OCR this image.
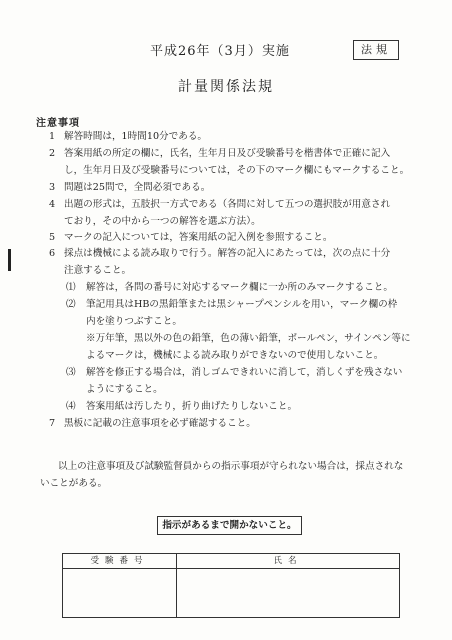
平成26年（3月）実施	法規
計量関係法規
注意事項
1 解答時間は，1時間10分である。
2 答案用紙の所定の欄に，氏名，生年月日及び受験番号を楷書体で正確に記入
し，生年月日及び受験番号については，その下のマーク欄にもマークすること。
3 問題は25問で，全問必須である。
4 出題の形式は，五肢択一方式である（各問に対して五つの選択肢が用意され
ており，その中から一つの解答を選ぶ方法）。
5 マークの記入については，答案用紙の記入例を参照すること。
6 採点は機械による読み取りで行う。解答の記入にあたっては，次の点に十分
注意すること。
⑴ 解答は，各問の番号に対応するマーク欄に一か所のみマークすること。
⑵ 筆記用具はHBの黒鉛筆または黒シャープペンシルを用い，マーク欄の枠
内を塗りつぶすこと。
※万年筆，黒以外の色の鉛筆，色の薄い鉛筆，ボールペン，サインペン等に
よるマークは，機械による読み取りができないので使用しないこと。
⑶ 解答を修正する場合は，消しゴムできれいに消して，消しくずを残さない
ようにすること。
⑷ 答案用紙は汚したり，折り曲げたりしないこと。
7 黒板に記載の注意事項を必ず確認すること。
以上の注意事項及び試験監督員からの指示事項が守られない場合は，採点されな
いことがある。
指示があるまで開かないこと。
受験番号	氏名
